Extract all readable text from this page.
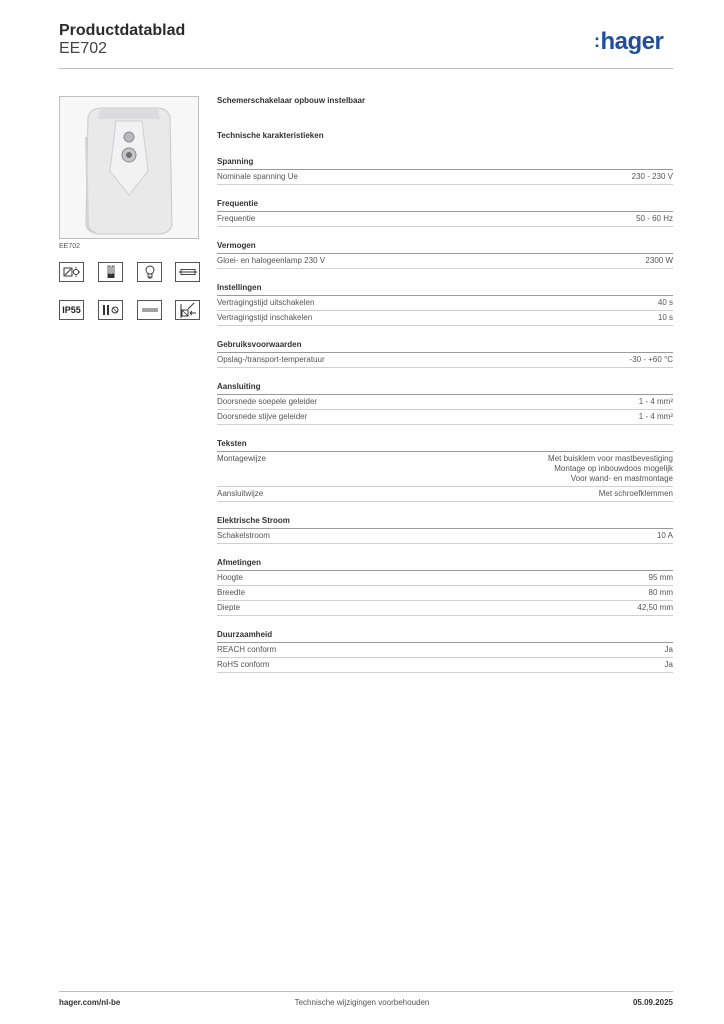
Productdatablad
EE702	:hager
EE702
IP55
Schemerschakelaar opbouw instelbaar
Technische karakteristieken
Spanning
Nominale spanning Ue	230 - 230 V
Frequentie
Frequentie	50 - 60 Hz
Vermogen
Gloei- en halogeenlamp 230 V	2300 W
Instellingen
Vertragingstijd uitschakelen	40 s
Vertragingstijd inschakelen	10 s
Gebruiksvoorwaarden
Opslag-/transport-temperatuur	-30 - +60 °C
Aansluiting
Doorsnede soepele geleider	1 - 4 mm²
Doorsnede stijve geleider	1 - 4 mm²
Teksten
Montagewijze	Met buisklem voor mastbevestiging
Montage op inbouwdoos mogelijk
Voor wand- en mastmontage
Aansluitwijze	Met schroefklemmen
Elektrische Stroom
Schakelstroom	10 A
Afmetingen
Hoogte	95 mm
Breedte	80 mm
Diepte	42,50 mm
Duurzaamheid
REACH conform	Ja
RoHS conform	Ja
hager.com/nl-be	Technische wijzigingen voorbehouden	05.09.2025
